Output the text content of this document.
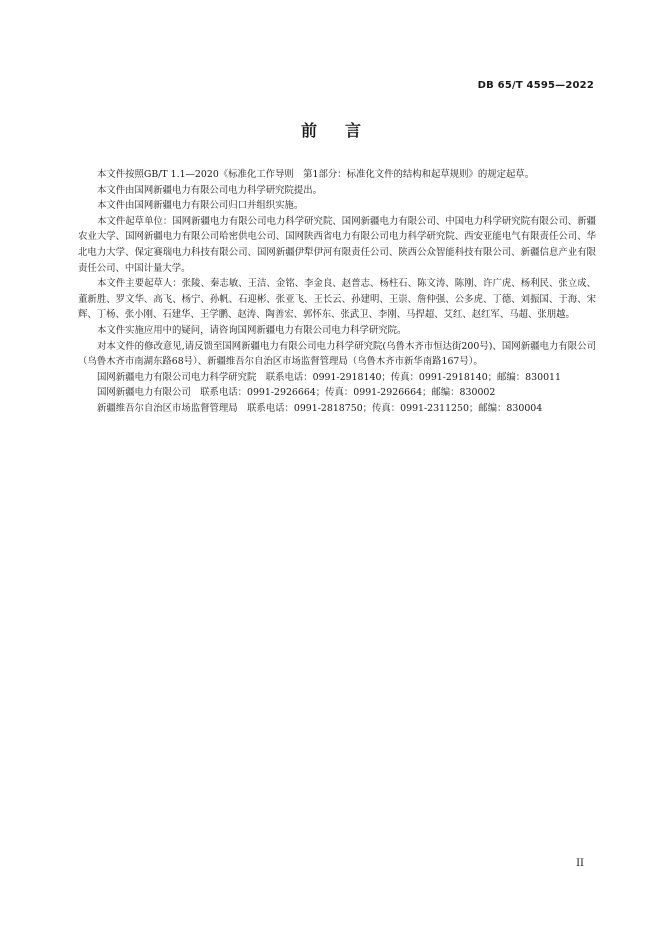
DB 65/T 4595—2022
前言

本文件按照GB/T 1.1—2020《标准化工作导则　第1部分：标准化文件的结构和起草规则》的规定起草。

本文件由国网新疆电力有限公司电力科学研究院提出。

本文件由国网新疆电力有限公司归口并组织实施。

本文件起草单位：国网新疆电力有限公司电力科学研究院、国网新疆电力有限公司、中国电力科学研究院有限公司、新疆农业大学、国网新疆电力有限公司哈密供电公司、国网陕西省电力有限公司电力科学研究院、西安亚能电气有限责任公司、华北电力大学、保定赛瑞电力科技有限公司、国网新疆伊犁伊河有限责任公司、陕西公众智能科技有限公司、新疆信息产业有限责任公司、中国计量大学。

本文件主要起草人：张陵、秦志敏、王洁、金铭、李金良、赵普志、杨柱石、陈文涛、陈刚、许广虎、杨利民、张立成、董新胜、罗文华、高飞、杨宁、孙帆、石迎彬、张亚飞、王长云、孙建明、王崇、詹仲强、公多虎、丁德、刘振国、于海、宋辉、丁杨、张小刚、石建华、王学鹏、赵涛、陶善宏、郭怀东、张武卫、李刚、马捍超、艾红、赵红军、马超、张朋越。

本文件实施应用中的疑问，请咨询国网新疆电力有限公司电力科学研究院。

对本文件的修改意见,请反馈至国网新疆电力有限公司电力科学研究院(乌鲁木齐市恒达街200号)、国网新疆电力有限公司（乌鲁木齐市南湖东路68号）、新疆维吾尔自治区市场监督管理局（乌鲁木齐市新华南路167号）。

国网新疆电力有限公司电力科学研究院　联系电话：0991-2918140；传真：0991-2918140；邮编：830011

国网新疆电力有限公司　联系电话：0991-2926664；传真：0991-2926664；邮编：830002

新疆维吾尔自治区市场监督管理局　联系电话：0991-2818750；传真：0991-2311250；邮编：830004

II
